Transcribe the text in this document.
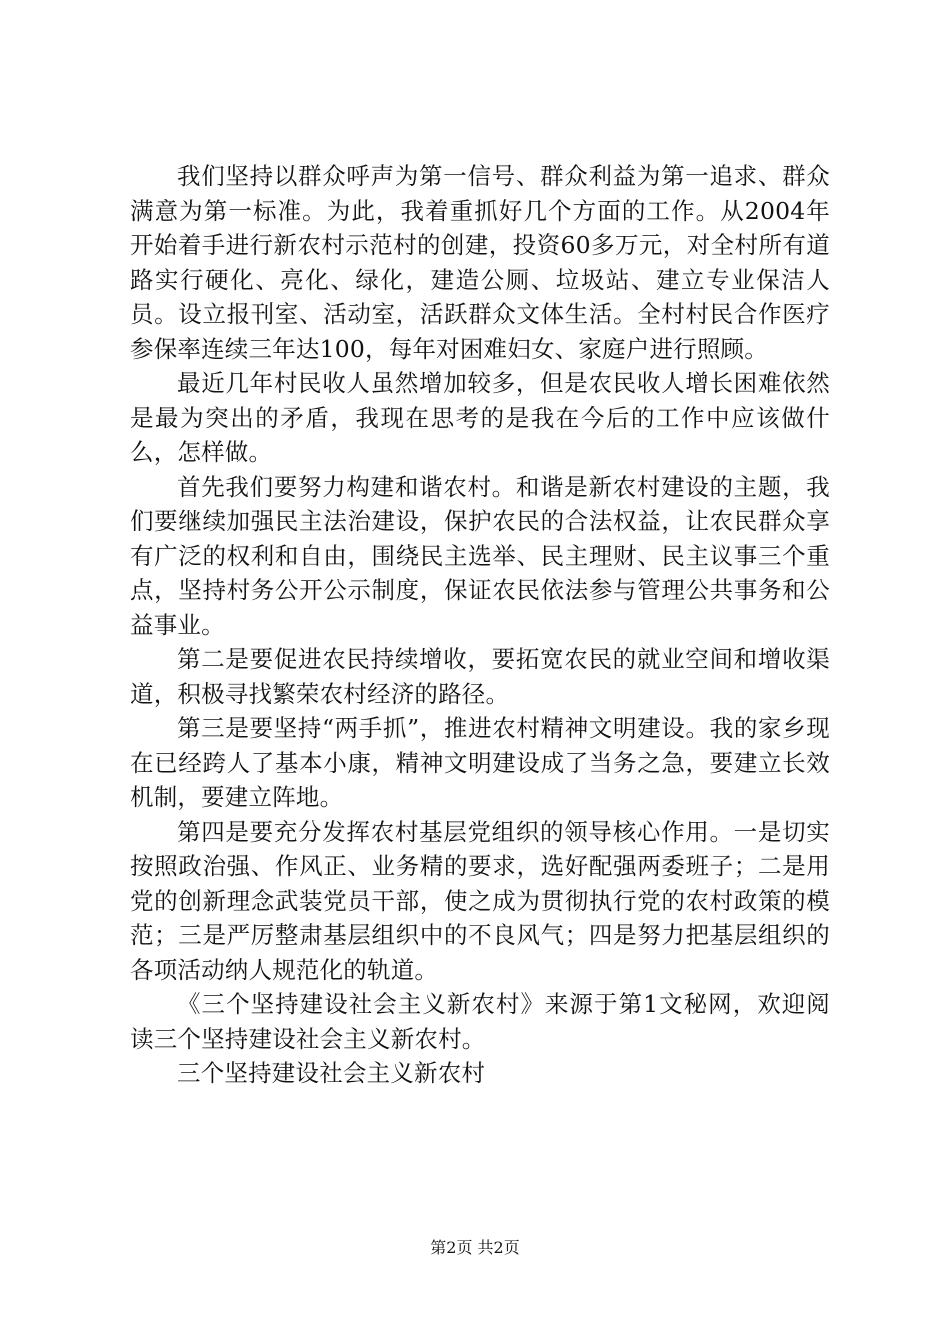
我们坚持以群众呼声为第一信号、群众利益为第一追求、群众满意为第一标准。为此，我着重抓好几个方面的工作。从2004年开始着手进行新农村示范村的创建，投资60多万元，对全村所有道路实行硬化、亮化、绿化，建造公厕、垃圾站、建立专业保洁人员。设立报刊室、活动室，活跃群众文体生活。全村村民合作医疗参保率连续三年达100，每年对困难妇女、家庭户进行照顾。

最近几年村民收人虽然增加较多，但是农民收人增长困难依然是最为突出的矛盾，我现在思考的是我在今后的工作中应该做什么，怎样做。

首先我们要努力构建和谐农村。和谐是新农村建设的主题，我们要继续加强民主法治建设，保护农民的合法权益，让农民群众享有广泛的权利和自由，围绕民主选举、民主理财、民主议事三个重点，坚持村务公开公示制度，保证农民依法参与管理公共事务和公益事业。

第二是要促进农民持续增收，要拓宽农民的就业空间和增收渠道，积极寻找繁荣农村经济的路径。

第三是要坚持“两手抓”，推进农村精神文明建设。我的家乡现在已经跨人了基本小康，精神文明建设成了当务之急，要建立长效机制，要建立阵地。

第四是要充分发挥农村基层党组织的领导核心作用。一是切实按照政治强、作风正、业务精的要求，选好配强两委班子；二是用党的创新理念武装党员干部，使之成为贯彻执行党的农村政策的模范；三是严厉整肃基层组织中的不良风气；四是努力把基层组织的各项活动纳人规范化的轨道。

《三个坚持建设社会主义新农村》来源于第1文秘网，欢迎阅读三个坚持建设社会主义新农村。

三个坚持建设社会主义新农村

第2页 共2页
